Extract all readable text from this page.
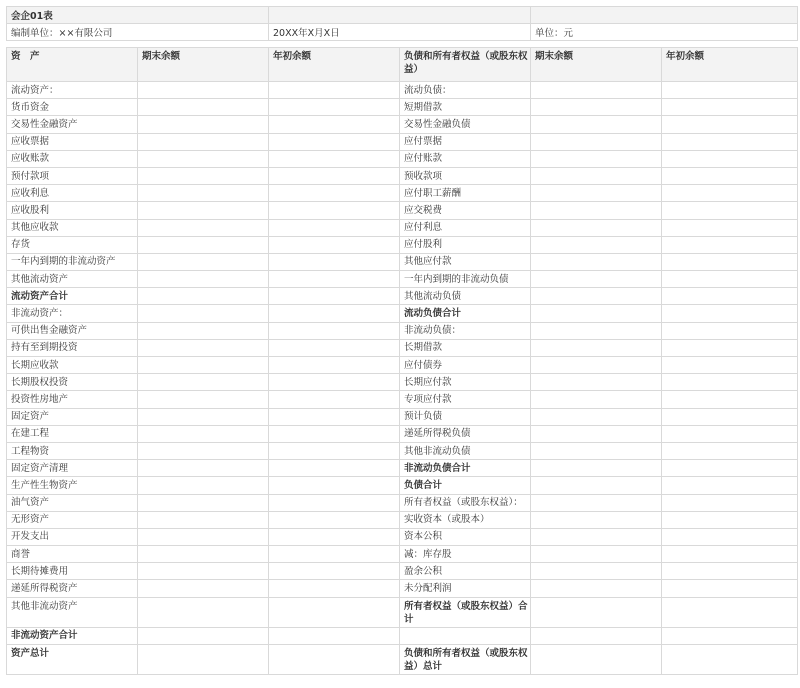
会企01表		
编制单位：××有限公司	20XX年X月X日	单位：元
资　产	期末余额	年初余额	负债和所有者权益（或股东权益）	期末余额	年初余额
流动资产：			流动负债：		
货币资金			短期借款		
交易性金融资产			交易性金融负债		
应收票据			应付票据		
应收账款			应付账款		
预付款项			预收款项		
应收利息			应付职工薪酬		
应收股利			应交税费		
其他应收款			应付利息		
存货			应付股利		
一年内到期的非流动资产			其他应付款		
其他流动资产			一年内到期的非流动负债		
流动资产合计			其他流动负债		
非流动资产：			流动负债合计		
可供出售金融资产			非流动负债：		
持有至到期投资			长期借款		
长期应收款			应付债券		
长期股权投资			长期应付款		
投资性房地产			专项应付款		
固定资产			预计负债		
在建工程			递延所得税负债		
工程物资			其他非流动负债		
固定资产清理			非流动负债合计		
生产性生物资产			负债合计		
油气资产			所有者权益（或股东权益）：		
无形资产			实收资本（或股本）		
开发支出			资本公积		
商誉			减：库存股		
长期待摊费用			盈余公积		
递延所得税资产			未分配利润		
其他非流动资产			所有者权益（或股东权益）合计		
非流动资产合计					
资产总计			负债和所有者权益（或股东权益）总计		
